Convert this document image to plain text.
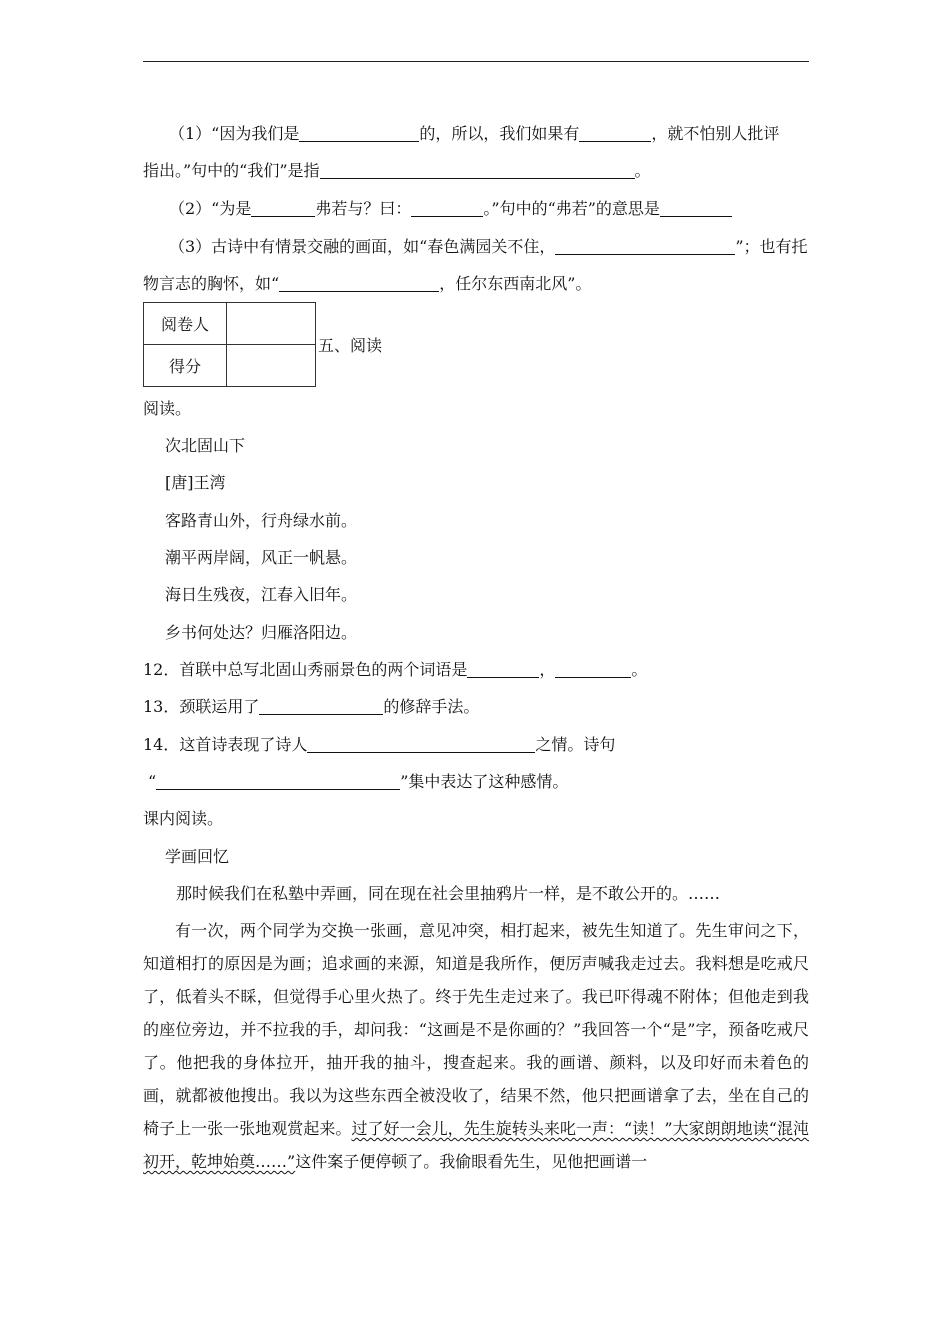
（1）“因为我们是	的，所以，我们如果有	，就不怕别人批评
指出。”句中的“我们”是指	。
（2）“为是	弗若与？曰：	。”句中的“弗若”的意思是
（3）古诗中有情景交融的画面，如“春色满园关不住，	”；也有托
物言志的胸怀，如“	，任尔东西南北风”。
阅卷人	
得分	
五、阅读
阅读。
次北固山下
[唐]王湾
客路青山外，行舟绿水前。
潮平两岸阔，风正一帆悬。
海日生残夜，江春入旧年。
乡书何处达？归雁洛阳边。
12．首联中总写北固山秀丽景色的两个词语是	，	。
13．颈联运用了	的修辞手法。
14．这首诗表现了诗人	之情。诗句
“	”集中表达了这种感情。
课内阅读。
学画回忆
那时候我们在私塾中弄画，同在现在社会里抽鸦片一样，是不敢公开的。……
有一次，两个同学为交换一张画，意见冲突，相打起来，被先生知道了。先生审问之下，知道相打的原因是为画；追求画的来源，知道是我所作，便厉声喊我走过去。我料想是吃戒尺了，低着头不睬，但觉得手心里火热了。终于先生走过来了。我已吓得魂不附体；但他走到我的座位旁边，并不拉我的手，却问我：“这画是不是你画的？”我回答一个“是”字，预备吃戒尺了。他把我的身体拉开，抽开我的抽斗，搜查起来。我的画谱、颜料，以及印好而未着色的画，就都被他搜出。我以为这些东西全被没收了，结果不然，他只把画谱拿了去，坐在自己的椅子上一张一张地观赏起来。过了好一会儿，先生旋转头来叱一声：“读！”大家朗朗地读“混沌初开，乾坤始奠……”这件案子便停顿了。我偷眼看先生，见他把画谱一
